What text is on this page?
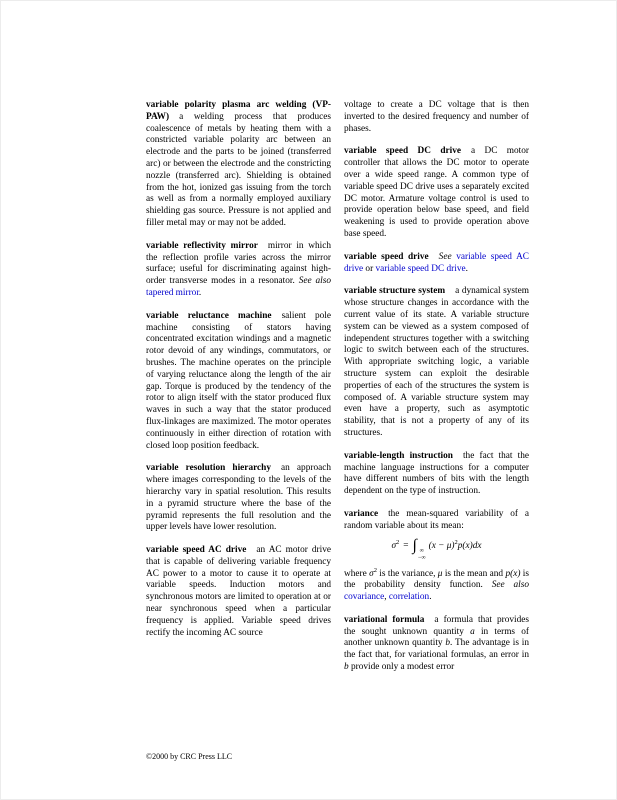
variable polarity plasma arc welding (VP-PAW) a welding process that produces coalescence of metals by heating them with a constricted variable polarity arc between an electrode and the parts to be joined (transferred arc) or between the electrode and the constricting nozzle (transferred arc). Shielding is obtained from the hot, ionized gas issuing from the torch as well as from a normally employed auxiliary shielding gas source. Pressure is not applied and filler metal may or may not be added.

variable reflectivity mirror mirror in which the reflection profile varies across the mirror surface; useful for discriminating against high-order transverse modes in a resonator. See also tapered mirror.

variable reluctance machine salient pole machine consisting of stators having concentrated excitation windings and a magnetic rotor devoid of any windings, commutators, or brushes. The machine operates on the principle of varying reluctance along the length of the air gap. Torque is produced by the tendency of the rotor to align itself with the stator produced flux waves in such a way that the stator produced flux-linkages are maximized. The motor operates continuously in either direction of rotation with closed loop position feedback.

variable resolution hierarchy an approach where images corresponding to the levels of the hierarchy vary in spatial resolution. This results in a pyramid structure where the base of the pyramid represents the full resolution and the upper levels have lower resolution.

variable speed AC drive an AC motor drive that is capable of delivering variable frequency AC power to a motor to cause it to operate at variable speeds. Induction motors and synchronous motors are limited to operation at or near synchronous speed when a particular frequency is applied. Variable speed drives rectify the incoming AC source

voltage to create a DC voltage that is then inverted to the desired frequency and number of phases.

variable speed DC drive a DC motor controller that allows the DC motor to operate over a wide speed range. A common type of variable speed DC drive uses a separately excited DC motor. Armature voltage control is used to provide operation below base speed, and field weakening is used to provide operation above base speed.

variable speed drive See variable speed AC drive or variable speed DC drive.

variable structure system a dynamical system whose structure changes in accordance with the current value of its state. A variable structure system can be viewed as a system composed of independent structures together with a switching logic to switch between each of the structures. With appropriate switching logic, a variable structure system can exploit the desirable properties of each of the structures the system is composed of. A variable structure system may even have a property, such as asymptotic stability, that is not a property of any of its structures.

variable-length instruction the fact that the machine language instructions for a computer have different numbers of bits with the length dependent on the type of instruction.

variance the mean-squared variability of a random variable about its mean:

$\sigma^2$ = ∫ ∞
−∞
$(x - \mu)^2p(x)dx$

where $\sigma^2$ is the variance, μ is the mean and p(x) is the probability density function. See also covariance, correlation.

variational formula a formula that provides the sought unknown quantity a in terms of another unknown quantity b. The advantage is in the fact that, for variational formulas, an error in b provide only a modest error

©2000 by CRC Press LLC
